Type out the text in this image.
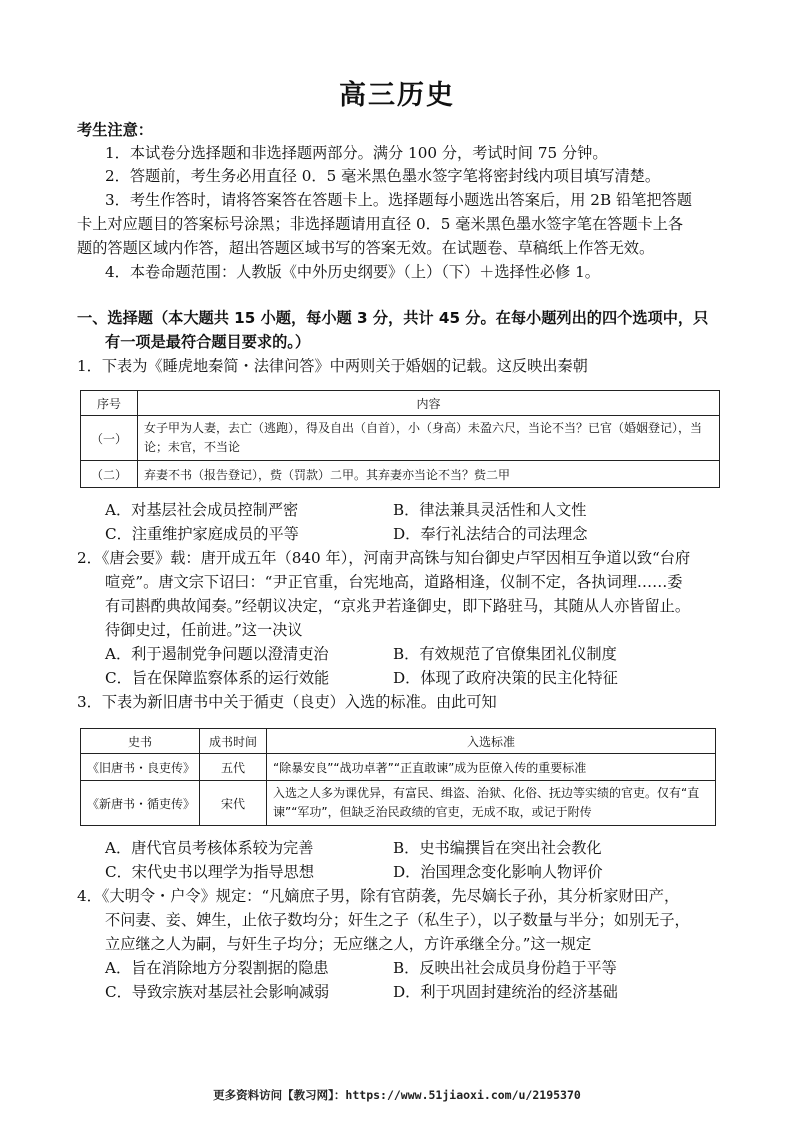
高三历史
考生注意：
1．本试卷分选择题和非选择题两部分。满分 100 分，考试时间 75 分钟。
2．答题前，考生务必用直径 0．5 毫米黑色墨水签字笔将密封线内项目填写清楚。
3．考生作答时，请将答案答在答题卡上。选择题每小题选出答案后，用 2B 铅笔把答题
卡上对应题目的答案标号涂黑；非选择题请用直径 0．5 毫米黑色墨水签字笔在答题卡上各
题的答题区域内作答，超出答题区域书写的答案无效。在试题卷、草稿纸上作答无效。
4．本卷命题范围：人教版《中外历史纲要》（上）（下）＋选择性必修 1。
一、选择题（本大题共 15 小题，每小题 3 分，共计 45 分。在每小题列出的四个选项中，只
有一项是最符合题目要求的。）
1．下表为《睡虎地秦简・法律问答》中两则关于婚姻的记载。这反映出秦朝
序号	内容
（一）	女子甲为人妻，去亡（逃跑），得及自出（自首），小（身高）未盈六尺，当论不当？已官（婚姻登记），当论；未官，不当论
（二）	弃妻不书（报告登记），赀（罚款）二甲。其弃妻亦当论不当？赀二甲
A．对基层社会成员控制严密	B．律法兼具灵活性和人文性
C．注重维护家庭成员的平等	D．奉行礼法结合的司法理念
2．《唐会要》载：唐开成五年（840 年），河南尹高铢与知台御史卢罕因相互争道以致“台府
喧竞”。唐文宗下诏曰：“尹正官重，台宪地高，道路相逢，仪制不定，各执词理……委
有司斟酌典故闻奏。”经朝议决定，“京兆尹若逢御史，即下路驻马，其随从人亦皆留止。
待御史过，任前进。”这一决议
A．利于遏制党争问题以澄清吏治	B．有效规范了官僚集团礼仪制度
C．旨在保障监察体系的运行效能	D．体现了政府决策的民主化特征
3．下表为新旧唐书中关于循吏（良吏）入选的标准。由此可知
史书	成书时间	入选标准
《旧唐书・良吏传》	五代	“除暴安良”“战功卓著”“正直敢谏”成为臣僚入传的重要标准
《新唐书・循吏传》	宋代	入选之人多为课优异，有富民、缉盗、治狱、化俗、抚边等实绩的官吏。仅有“直谏”“军功”，但缺乏治民政绩的官吏，无成不取，或记于附传
A．唐代官员考核体系较为完善	B．史书编撰旨在突出社会教化
C．宋代史书以理学为指导思想	D．治国理念变化影响人物评价
4．《大明令・户令》规定：“凡嫡庶子男，除有官荫袭，先尽嫡长子孙，其分析家财田产，
不问妻、妾、婢生，止依子数均分；奸生之子（私生子），以子数量与半分；如别无子，
立应继之人为嗣，与奸生子均分；无应继之人，方许承继全分。”这一规定
A．旨在消除地方分裂割据的隐患	B．反映出社会成员身份趋于平等
C．导致宗族对基层社会影响减弱	D．利于巩固封建统治的经济基础
更多资料访问【教习网】：https://www.51jiaoxi.com/u/2195370
